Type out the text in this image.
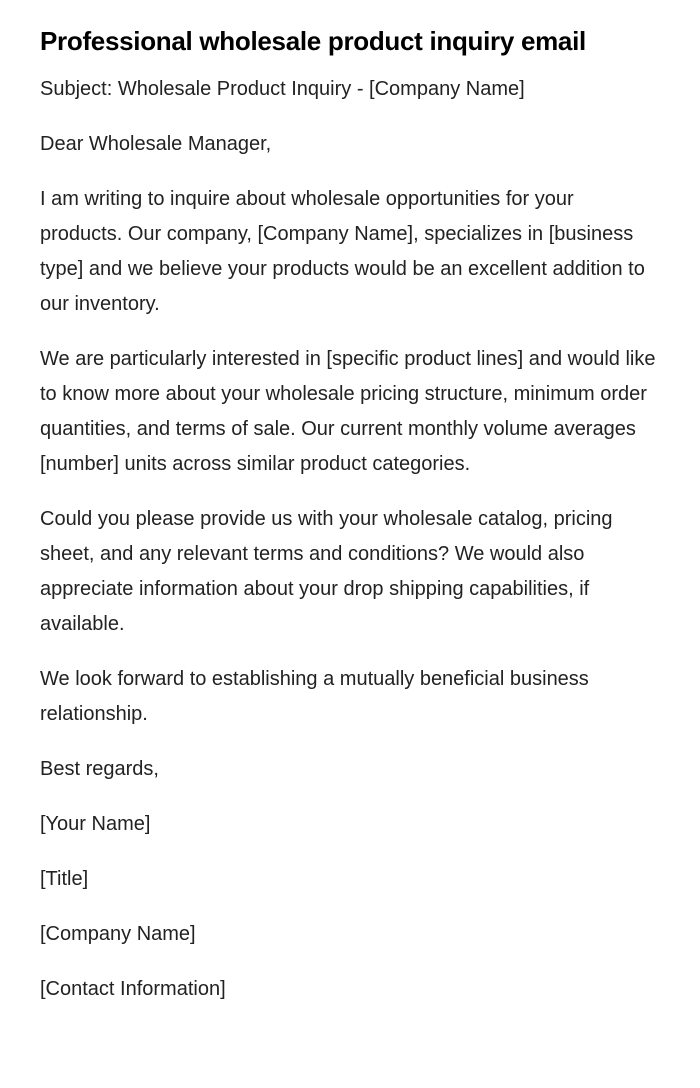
Professional wholesale product inquiry email

Subject: Wholesale Product Inquiry - [Company Name]

Dear Wholesale Manager,

I am writing to inquire about wholesale opportunities for your products. Our company, [Company Name], specializes in [business type] and we believe your products would be an excellent addition to our inventory.

We are particularly interested in [specific product lines] and would like to know more about your wholesale pricing structure, minimum order quantities, and terms of sale. Our current monthly volume averages [number] units across similar product categories.

Could you please provide us with your wholesale catalog, pricing sheet, and any relevant terms and conditions? We would also appreciate information about your drop shipping capabilities, if available.

We look forward to establishing a mutually beneficial business relationship.

Best regards,

[Your Name]

[Title]

[Company Name]

[Contact Information]
